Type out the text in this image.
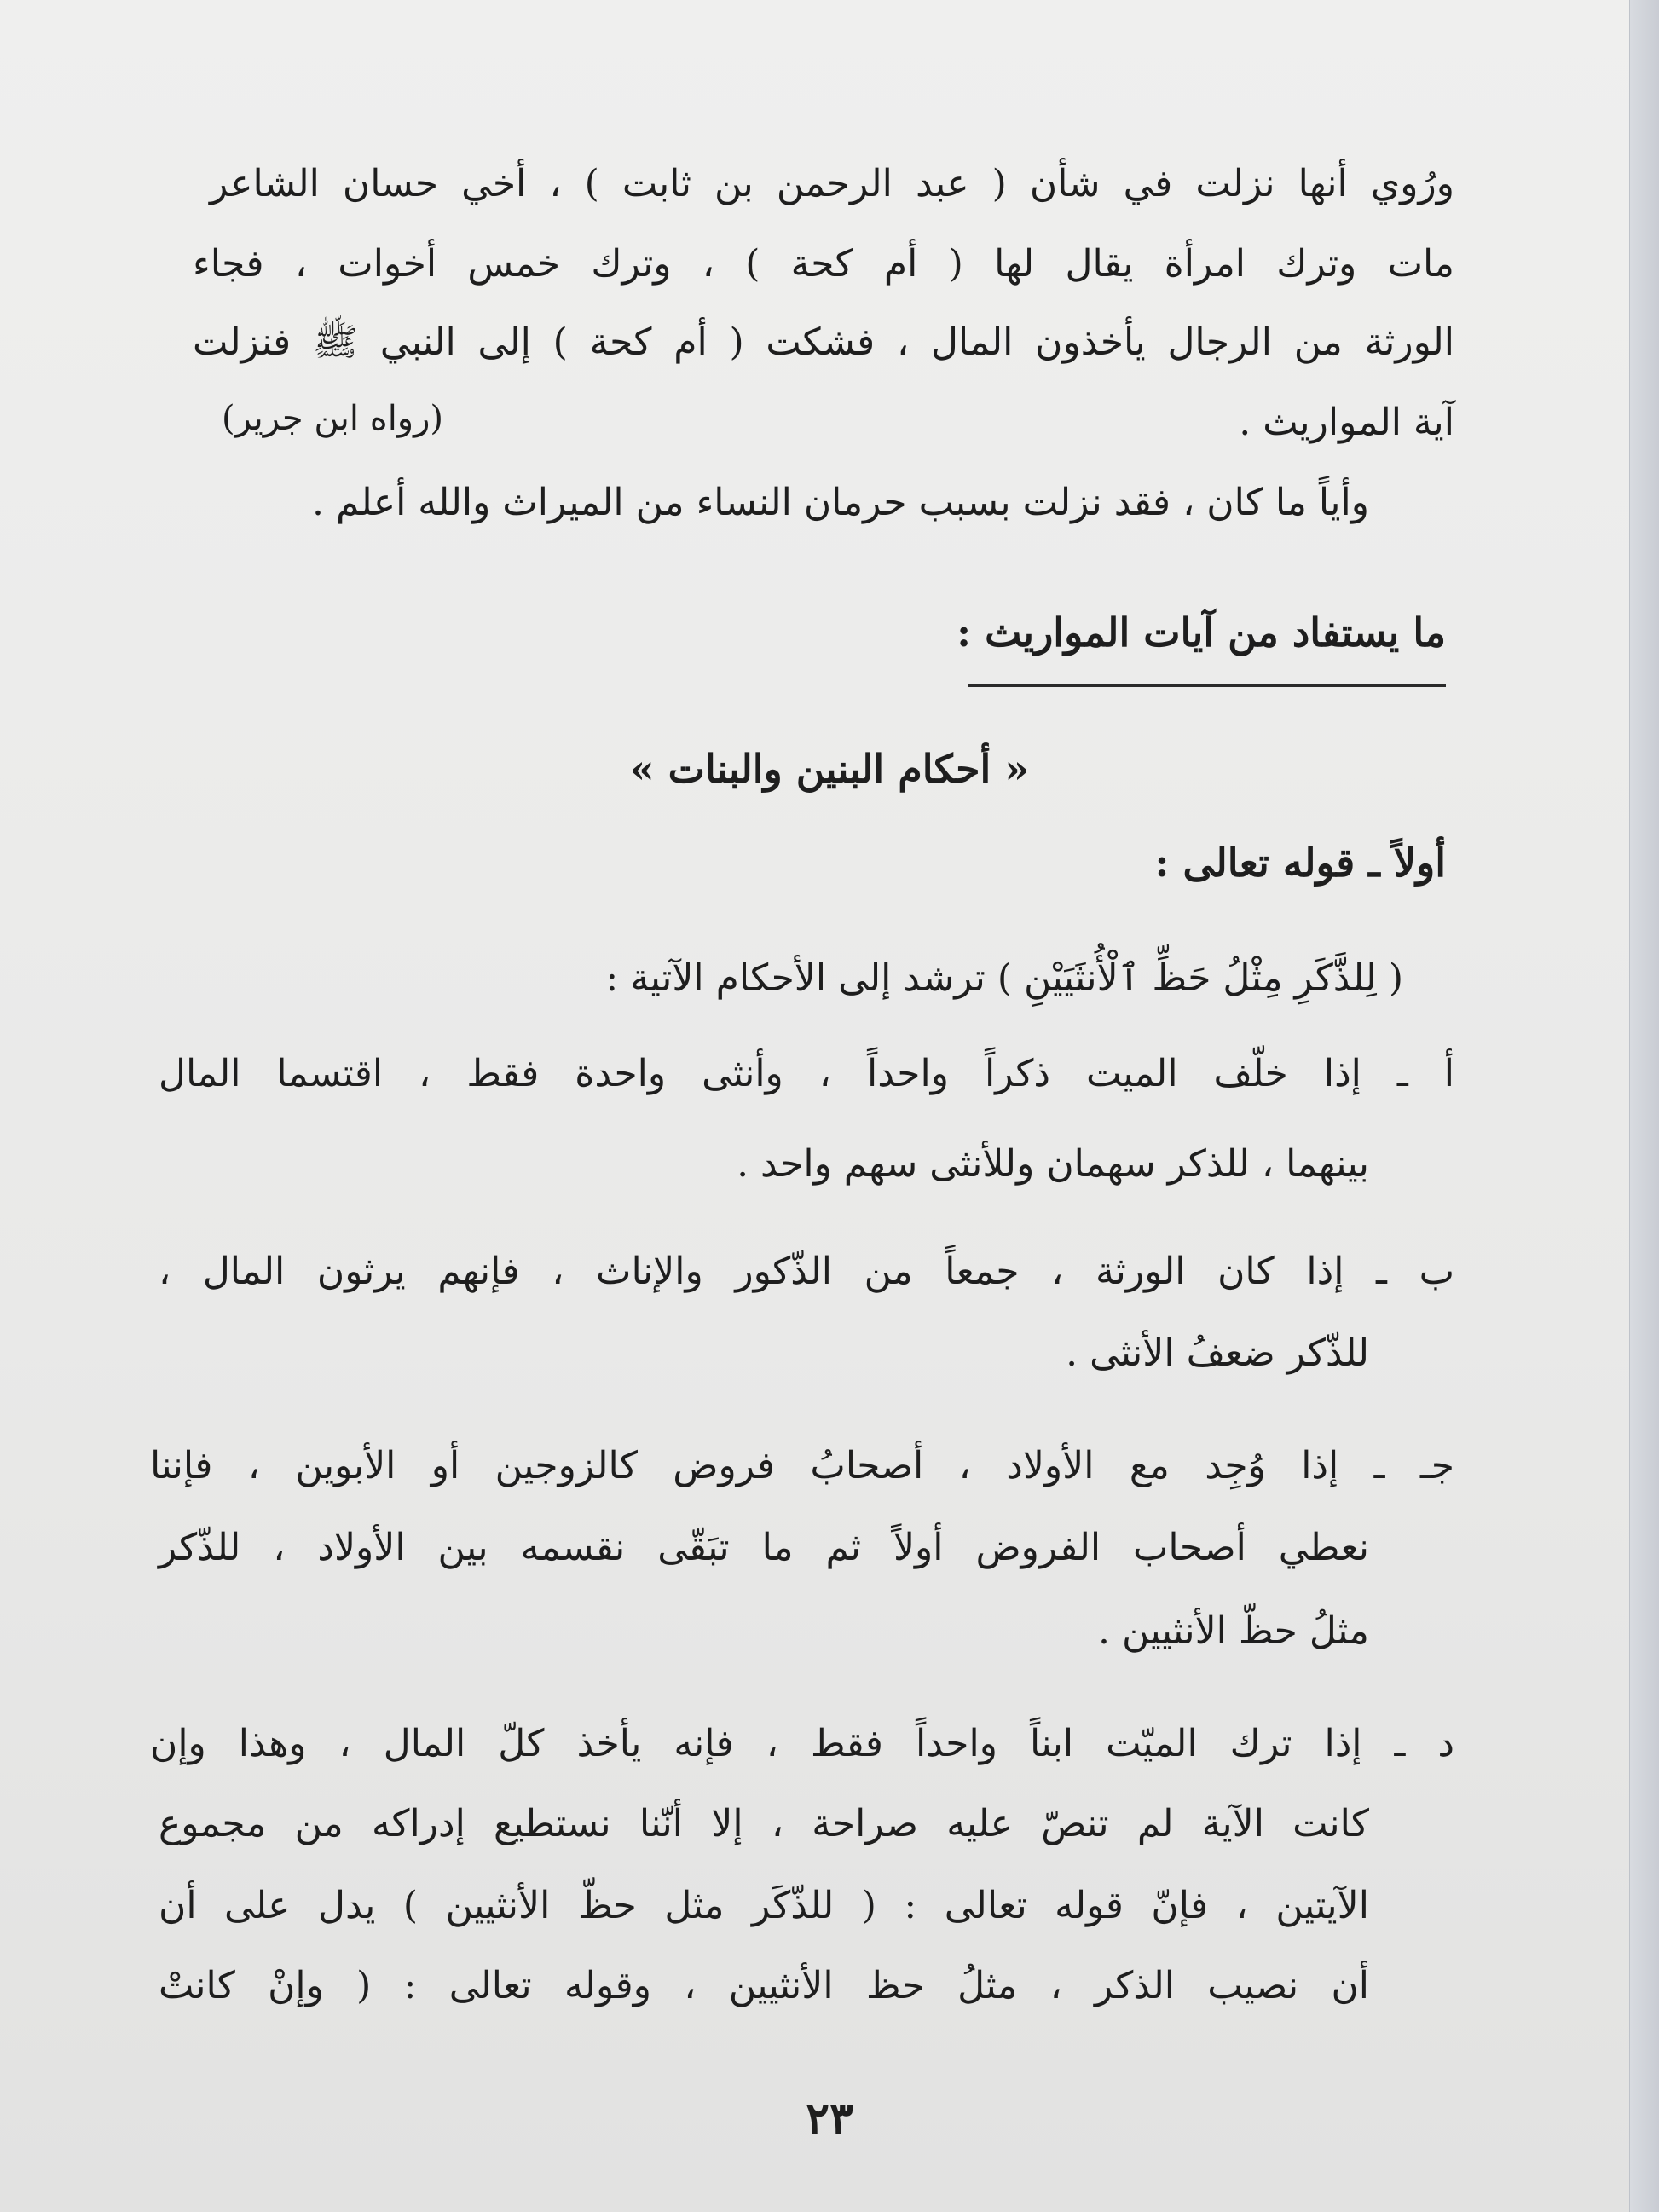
ورُوي أنها نزلت في شأن ( عبد الرحمن بن ثابت ) ، أخي حسان الشاعر
مات وترك امرأة يقال لها ( أم كحة ) ، وترك خمس أخوات ، فجاء
الورثة من الرجال يأخذون المال ، فشكت ( أم كحة ) إلى النبي ﷺ فنزلت
آية المواريث .
(رواه ابن جرير)
وأياً ما كان ، فقد نزلت بسبب حرمان النساء من الميراث والله أعلم .
ما يستفاد من آيات المواريث :
« أحكام البنين والبنات »
أولاً ـ قوله تعالى :
( لِلذَّكَرِ مِثْلُ حَظِّ ٱلْأُنثَيَيْنِ ) ترشد إلى الأحكام الآتية :
أ ـ إذا خلّف الميت ذكراً واحداً ، وأنثى واحدة فقط ، اقتسما المال
بينهما ، للذكر سهمان وللأنثى سهم واحد .
ب ـ إذا كان الورثة ، جمعاً من الذّكور والإناث ، فإنهم يرثون المال ،
للذّكر ضعفُ الأنثى .
جـ ـ إذا وُجِد مع الأولاد ، أصحابُ فروض كالزوجين أو الأبوين ، فإننا
نعطي أصحاب الفروض أولاً ثم ما تبَقّى نقسمه بين الأولاد ، للذّكر
مثلُ حظّ الأنثيين .
د ـ إذا ترك الميّت ابناً واحداً فقط ، فإنه يأخذ كلّ المال ، وهذا وإن
كانت الآية لم تنصّ عليه صراحة ، إلا أنّنا نستطيع إدراكه من مجموع
الآيتين ، فإنّ قوله تعالى : ( للذّكَر مثل حظّ الأنثيين ) يدل على أن
أن نصيب الذكر ، مثلُ حظ الأنثيين ، وقوله تعالى : ( وإنْ كانتْ
٢٣
